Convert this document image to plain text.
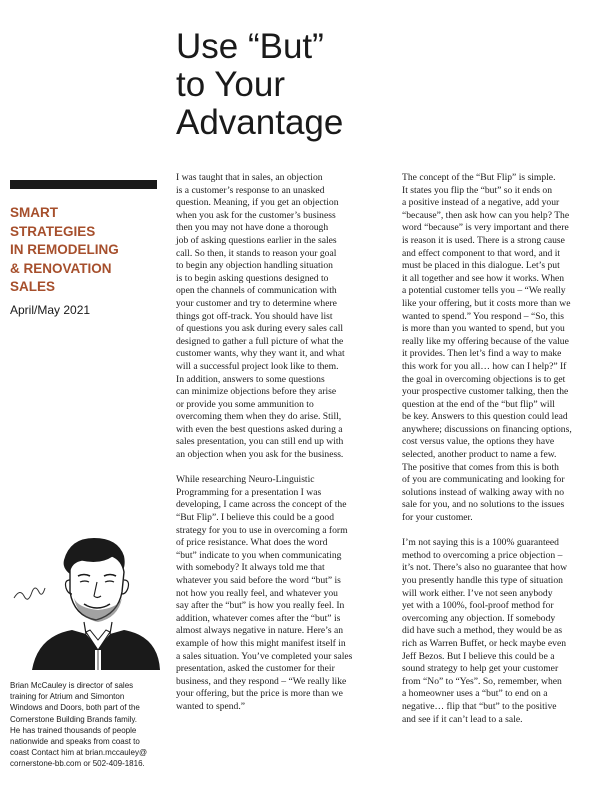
Use “But”
to Your
Advantage
SMART
STRATEGIES
IN REMODELING
& RENOVATION
SALES
April/May 2021
Brian McCauley is director of sales
training for Atrium and Simonton
Windows and Doors, both part of the
Cornerstone Building Brands family.
He has trained thousands of people
nationwide and speaks from coast to
coast Contact him at brian.mccauley@
cornerstone-bb.com or 502-409-1816.

I was taught that in sales, an objection
is a customer’s response to an unasked
question. Meaning, if you get an objection
when you ask for the customer’s business
then you may not have done a thorough
job of asking questions earlier in the sales
call. So then, it stands to reason your goal
to begin any objection handling situation
is to begin asking questions designed to
open the channels of communication with
your customer and try to determine where
things got off-track. You should have list
of questions you ask during every sales call
designed to gather a full picture of what the
customer wants, why they want it, and what
will a successful project look like to them.
In addition, answers to some questions
can minimize objections before they arise
or provide you some ammunition to
overcoming them when they do arise. Still,
with even the best questions asked during a
sales presentation, you can still end up with
an objection when you ask for the business.

While researching Neuro-Linguistic
Programming for a presentation I was
developing, I came across the concept of the
“But Flip”. I believe this could be a good
strategy for you to use in overcoming a form
of price resistance. What does the word
“but” indicate to you when communicating
with somebody? It always told me that
whatever you said before the word “but” is
not how you really feel, and whatever you
say after the “but” is how you really feel. In
addition, whatever comes after the “but” is
almost always negative in nature. Here’s an
example of how this might manifest itself in
a sales situation. You’ve completed your sales
presentation, asked the customer for their
business, and they respond – “We really like
your offering, but the price is more than we
wanted to spend.”

The concept of the “But Flip” is simple.
It states you flip the “but” so it ends on
a positive instead of a negative, add your
“because”, then ask how can you help? The
word “because” is very important and there
is reason it is used. There is a strong cause
and effect component to that word, and it
must be placed in this dialogue. Let’s put
it all together and see how it works. When
a potential customer tells you – “We really
like your offering, but it costs more than we
wanted to spend.” You respond – “So, this
is more than you wanted to spend, but you
really like my offering because of the value
it provides. Then let’s find a way to make
this work for you all… how can I help?” If
the goal in overcoming objections is to get
your prospective customer talking, then the
question at the end of the “but flip” will
be key. Answers to this question could lead
anywhere; discussions on financing options,
cost versus value, the options they have
selected, another product to name a few.
The positive that comes from this is both
of you are communicating and looking for
solutions instead of walking away with no
sale for you, and no solutions to the issues
for your customer.

I’m not saying this is a 100% guaranteed
method to overcoming a price objection –
it’s not. There’s also no guarantee that how
you presently handle this type of situation
will work either. I’ve not seen anybody
yet with a 100%, fool-proof method for
overcoming any objection. If somebody
did have such a method, they would be as
rich as Warren Buffet, or heck maybe even
Jeff Bezos. But I believe this could be a
sound strategy to help get your customer
from “No” to “Yes”. So, remember, when
a homeowner uses a “but” to end on a
negative… flip that “but” to the positive
and see if it can’t lead to a sale.
